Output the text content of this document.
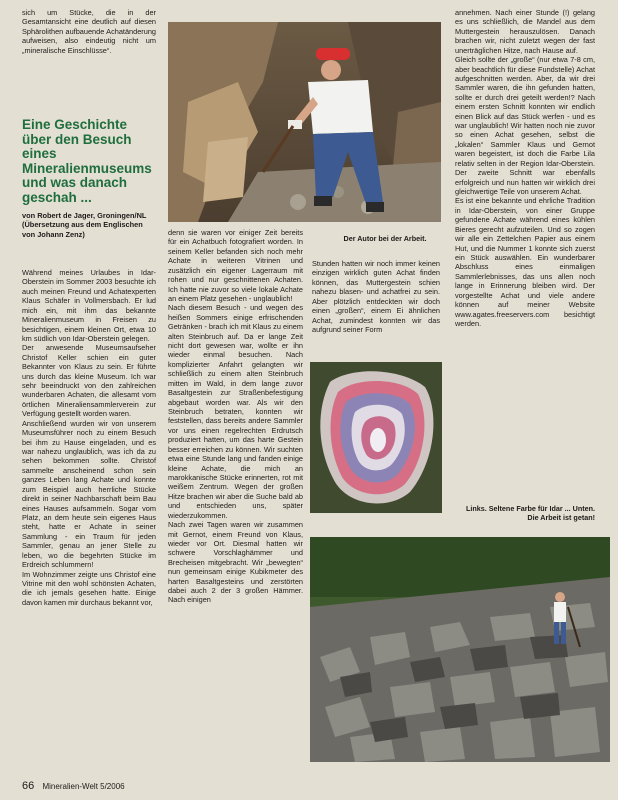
sich um Stücke, die in der Gesamtansicht eine deutlich auf diesen Sphärolithen aufbauende Achatänderung aufweisen, also eindeutig nicht um „mineralische Einschlüsse“.

Eine Geschichte über den Besuch eines Mineralienmuseums und was danach geschah ...
von Robert de Jager, Groningen/NL (Übersetzung aus dem Englischen von Johann Zenz)

Während meines Urlaubes in Idar-Oberstein im Sommer 2003 besuchte ich auch meinen Freund und Achatexperten Klaus Schäfer in Vollmersbach. Er lud mich ein, mit ihm das bekannte Mineralienmuseum in Freisen zu besichtigen, einem kleinen Ort, etwa 10 km südlich von Idar-Oberstein gelegen.

Der anwesende Museumsaufseher Christof Keller schien ein guter Bekannter von Klaus zu sein. Er führte uns durch das kleine Museum. Ich war sehr beeindruckt von den zahlreichen wunderbaren Achaten, die allesamt vom örtlichen Mineraliensammlerverein zur Verfügung gestellt worden waren.

Anschließend wurden wir von unserem Museumsführer noch zu einem Besuch bei ihm zu Hause eingeladen, und es war nahezu unglaublich, was ich da zu sehen bekommen sollte. Christof sammelte anscheinend schon sein ganzes Leben lang Achate und konnte zum Beispiel auch herrliche Stücke direkt in seiner Nachbarschaft beim Bau eines Hauses aufsammeln. Sogar vom Platz, an dem heute sein eigenes Haus steht, hatte er Achate in seiner Sammlung - ein Traum für jeden Sammler, genau an jener Stelle zu leben, wo die begehrten Stücke im Erdreich schlummern!

Im Wohnzimmer zeigte uns Christof eine Vitrine mit den wohl schönsten Achaten, die ich jemals gesehen hatte. Einige davon kamen mir durchaus bekannt vor,

denn sie waren vor einiger Zeit bereits für ein Achatbuch fotografiert worden. In seinem Keller befanden sich noch mehr Achate in weiteren Vitrinen und zusätzlich ein eigener Lagerraum mit rohen und nur geschnittenen Achaten. Ich hatte nie zuvor so viele lokale Achate an einem Platz gesehen - unglaublich!

Nach diesem Besuch - und wegen des heißen Sommers einige erfrischenden Getränken - brach ich mit Klaus zu einem alten Steinbruch auf. Da er lange Zeit nicht dort gewesen war, wollte er ihn wieder einmal besuchen. Nach komplizierter Anfahrt gelangten wir schließlich zu einem alten Steinbruch mitten im Wald, in dem lange zuvor Basaltgestein zur Straßenbefestigung abgebaut worden war. Als wir den Steinbruch betraten, konnten wir feststellen, dass bereits andere Sammler vor uns einen regelrechten Erdrutsch produziert hatten, um das harte Gestein besser erreichen zu können. Wir suchten etwa eine Stunde lang und fanden einige kleine Achate, die mich an marokkanische Stücke erinnerten, rot mit weißem Zentrum. Wegen der großen Hitze brachen wir aber die Suche bald ab und entschieden uns, später wiederzukommen.

Nach zwei Tagen waren wir zusammen mit Gernot, einem Freund von Klaus, wieder vor Ort. Diesmal hatten wir schwere Vorschlaghämmer und Brecheisen mitgebracht. Wir „bewegten“ nun gemeinsam einige Kubikmeter des harten Basaltgesteins und zerstörten dabei auch 2 der 3 großen Hämmer. Nach einigen

Der Autor bei der Arbeit.

Stunden hatten wir noch immer keinen einzigen wirklich guten Achat finden können, das Muttergestein schien nahezu blasen- und achatfrei zu sein. Aber plötzlich entdeckten wir doch einen „großen“, einem Ei ähnlichen Achat, zumindest konnten wir das aufgrund seiner Form

annehmen. Nach einer Stunde (!) gelang es uns schließlich, die Mandel aus dem Muttergestein herauszulösen. Danach brachen wir, nicht zuletzt wegen der fast unerträglichen Hitze, nach Hause auf.

Gleich sollte der „große“ (nur etwa 7-8 cm, aber beachtlich für diese Fundstelle) Achat aufgeschnitten werden. Aber, da wir drei Sammler waren, die ihn gefunden hatten, sollte er durch drei geteilt werden!? Nach einem ersten Schnitt konnten wir endlich einen Blick auf das Stück werfen - und es war unglaublich! Wir hatten noch nie zuvor so einen Achat gesehen, selbst die „lokalen“ Sammler Klaus und Gernot waren begeistert, ist doch die Farbe Lila relativ selten in der Region Idar-Oberstein. Der zweite Schnitt war ebenfalls erfolgreich und nun hatten wir wirklich drei gleichwertige Teile von unserem Achat.

Es ist eine bekannte und ehrliche Tradition in Idar-Oberstein, von einer Gruppe gefundene Achate während eines kühlen Bieres gerecht aufzuteilen. Und so zogen wir alle ein Zettelchen Papier aus einem Hut, und die Nummer 1 konnte sich zuerst ein Stück auswählen. Ein wunderbarer Abschluss eines einmaligen Sammlerlebnisses, das uns allen noch lange in Erinnerung bleiben wird. Der vorgestellte Achat und viele andere können auf meiner Website www.agates.freeservers.com besichtigt werden.

Links. Seltene Farbe für Idar ... Unten. Die Arbeit ist getan!
66 Mineralien-Welt 5/2006
